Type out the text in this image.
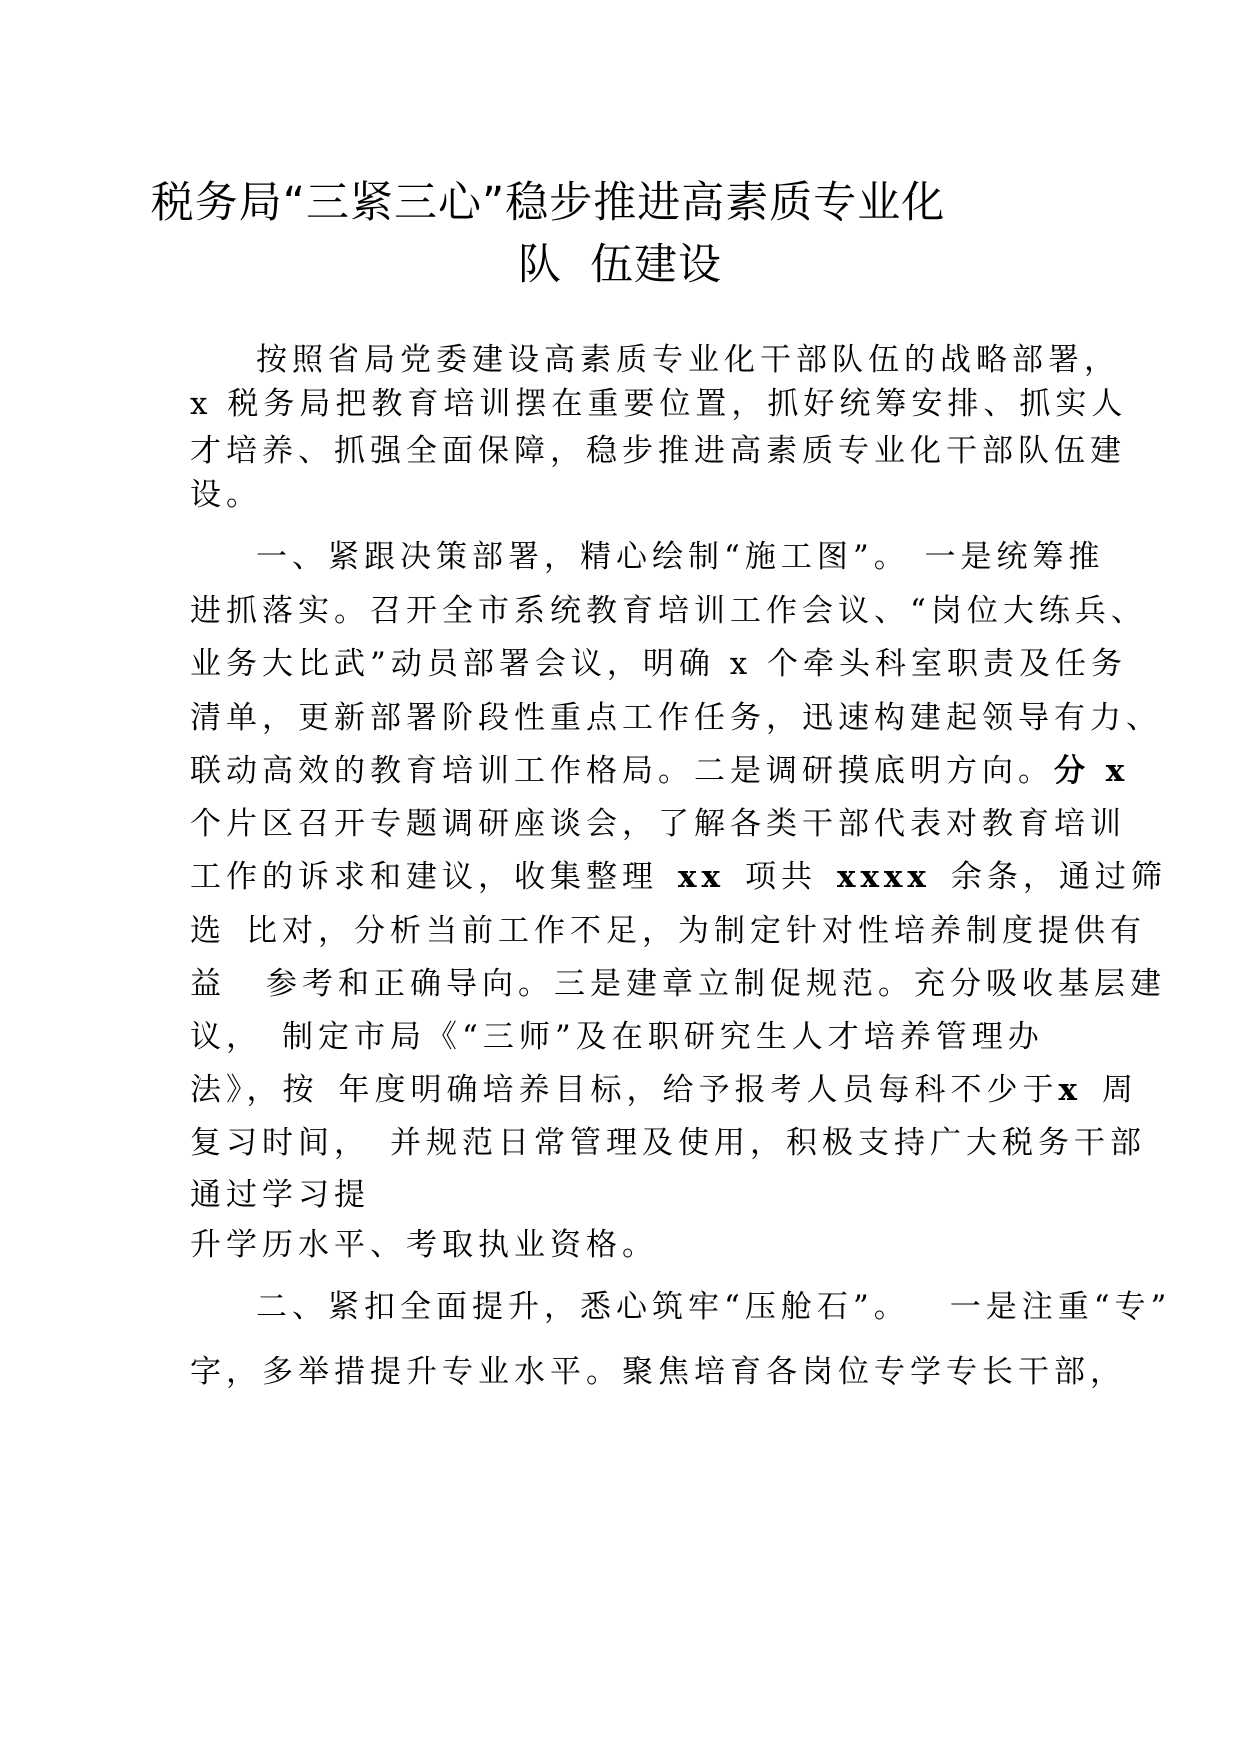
税务局“三紧三心”稳步推进高素质专业化
队 伍建设
按照省局党委建设高素质专业化干部队伍的战略部署，
x 税务局把教育培训摆在重要位置，抓好统筹安排、抓实人
才培养、抓强全面保障，稳步推进高素质专业化干部队伍建
设。
一、紧跟决策部署，精心绘制“施工图”。 一是统筹推
进抓落实。召开全市系统教育培训工作会议、“岗位大练兵、
业务大比武”动员部署会议，明确 x 个牵头科室职责及任务
清单，更新部署阶段性重点工作任务，迅速构建起领导有力、
联动高效的教育培训工作格局。二是调研摸底明方向。分 x
个片区召开专题调研座谈会，了解各类干部代表对教育培训
工作的诉求和建议，收集整理 xx 项共 xxxx 余条，通过筛
选 比对，分析当前工作不足，为制定针对性培养制度提供有
益 参考和正确导向。三是建章立制促规范。充分吸收基层建
议， 制定市局《“三师”及在职研究生人才培养管理办
法》，按 年度明确培养目标，给予报考人员每科不少于x 周
复习时间， 并规范日常管理及使用，积极支持广大税务干部
通过学习提
升学历水平、考取执业资格。
二、紧扣全面提升，悉心筑牢“压舱石”。 一是注重“专”
字，多举措提升专业水平。聚焦培育各岗位专学专长干部，
